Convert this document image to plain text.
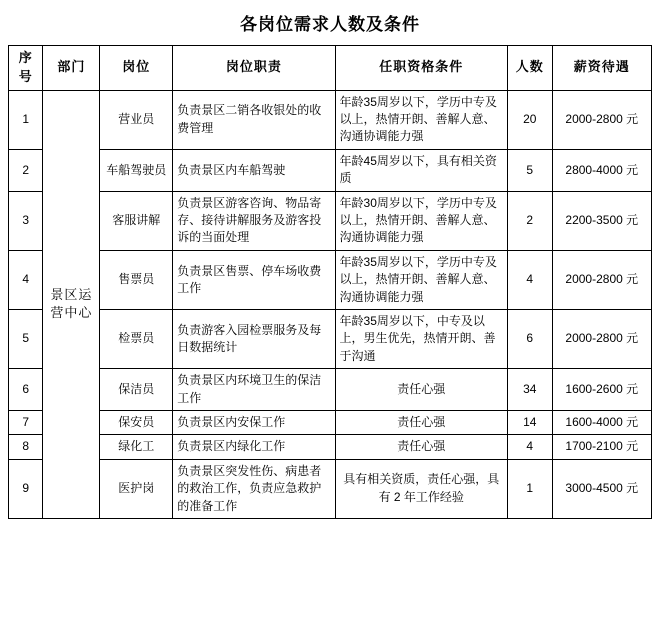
各岗位需求人数及条件
序号	部门	岗位	岗位职责	任职资格条件	人数	薪资待遇
1	景区运营中心	营业员	负责景区二销各收银处的收费管理	年龄35周岁以下，学历中专及以上，热情开朗、善解人意、沟通协调能力强	20	2000-2800 元
2		车船驾驶员	负责景区内车船驾驶	年龄45周岁以下，具有相关资质	5	2800-4000 元
3		客服讲解	负责景区游客咨询、物品寄存、接待讲解服务及游客投诉的当面处理	年龄30周岁以下，学历中专及以上，热情开朗、善解人意、沟通协调能力强	2	2200-3500 元
4		售票员	负责景区售票、停车场收费工作	年龄35周岁以下，学历中专及以上，热情开朗、善解人意、沟通协调能力强	4	2000-2800 元
5		检票员	负责游客入园检票服务及每日数据统计	年龄35周岁以下，中专及以上，男生优先，热情开朗、善于沟通	6	2000-2800 元
6		保洁员	负责景区内环境卫生的保洁工作	责任心强	34	1600-2600 元
7		保安员	负责景区内安保工作	责任心强	14	1600-4000 元
8		绿化工	负责景区内绿化工作	责任心强	4	1700-2100 元
9		医护岗	负责景区突发性伤、病患者的救治工作，负责应急救护的准备工作	具有相关资质，责任心强，具有 2 年工作经验	1	3000-4500 元
